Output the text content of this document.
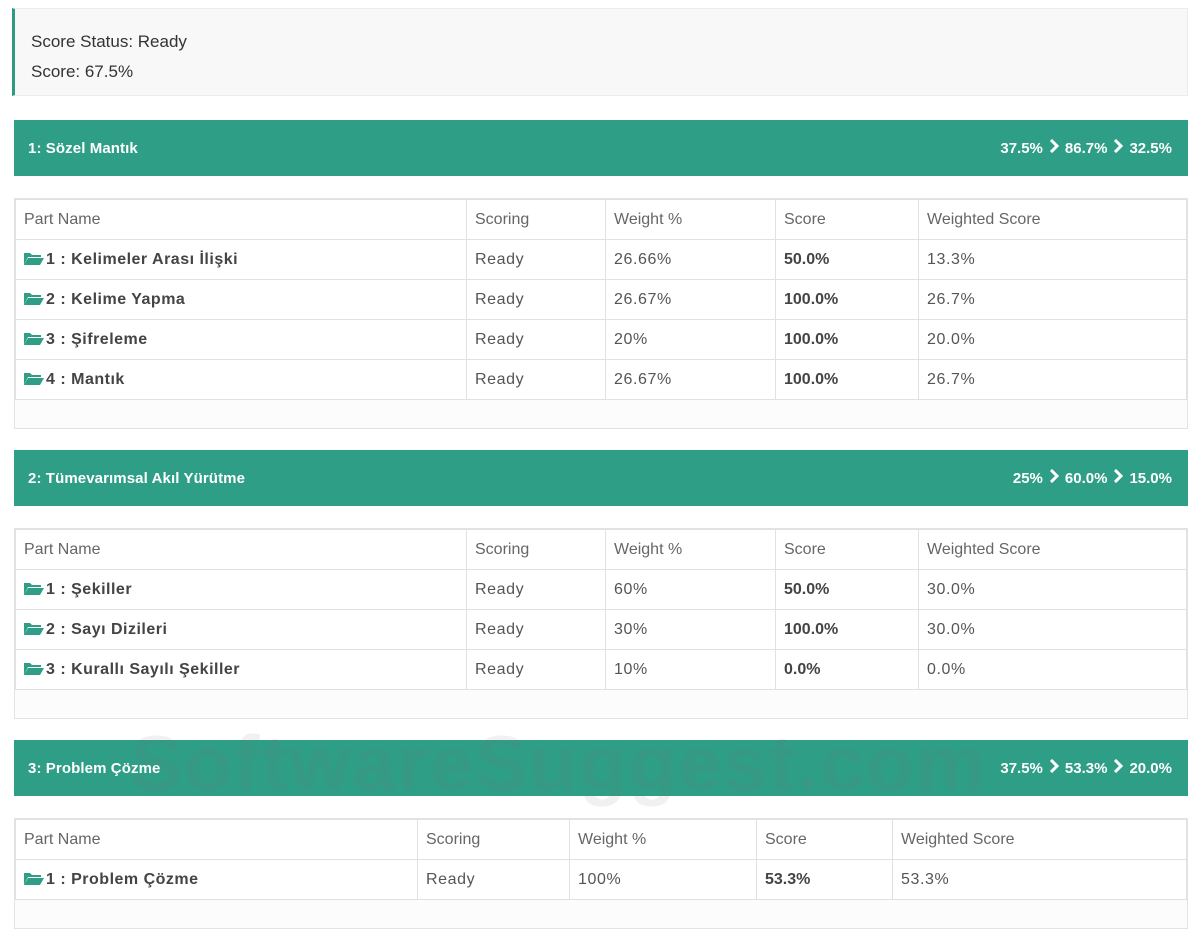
Score Status: Ready
Score: 67.5%
1: Sözel Mantık	37.5% 86.7% 32.5%
Part Name	Scoring	Weight %	Score	Weighted Score

1 : Kelimeler Arası İlişki	Ready	26.66%	50.0%	13.3%

2 : Kelime Yapma	Ready	26.67%	100.0%	26.7%

3 : Şifreleme	Ready	20%	100.0%	20.0%

4 : Mantık	Ready	26.67%	100.0%	26.7%
2: Tümevarımsal Akıl Yürütme	25% 60.0% 15.0%
Part Name	Scoring	Weight %	Score	Weighted Score

1 : Şekiller	Ready	60%	50.0%	30.0%

2 : Sayı Dizileri	Ready	30%	100.0%	30.0%

3 : Kurallı Sayılı Şekiller	Ready	10%	0.0%	0.0%
3: Problem Çözme	37.5% 53.3% 20.0%
Part Name	Scoring	Weight %	Score	Weighted Score

1 : Problem Çözme	Ready	100%	53.3%	53.3%
